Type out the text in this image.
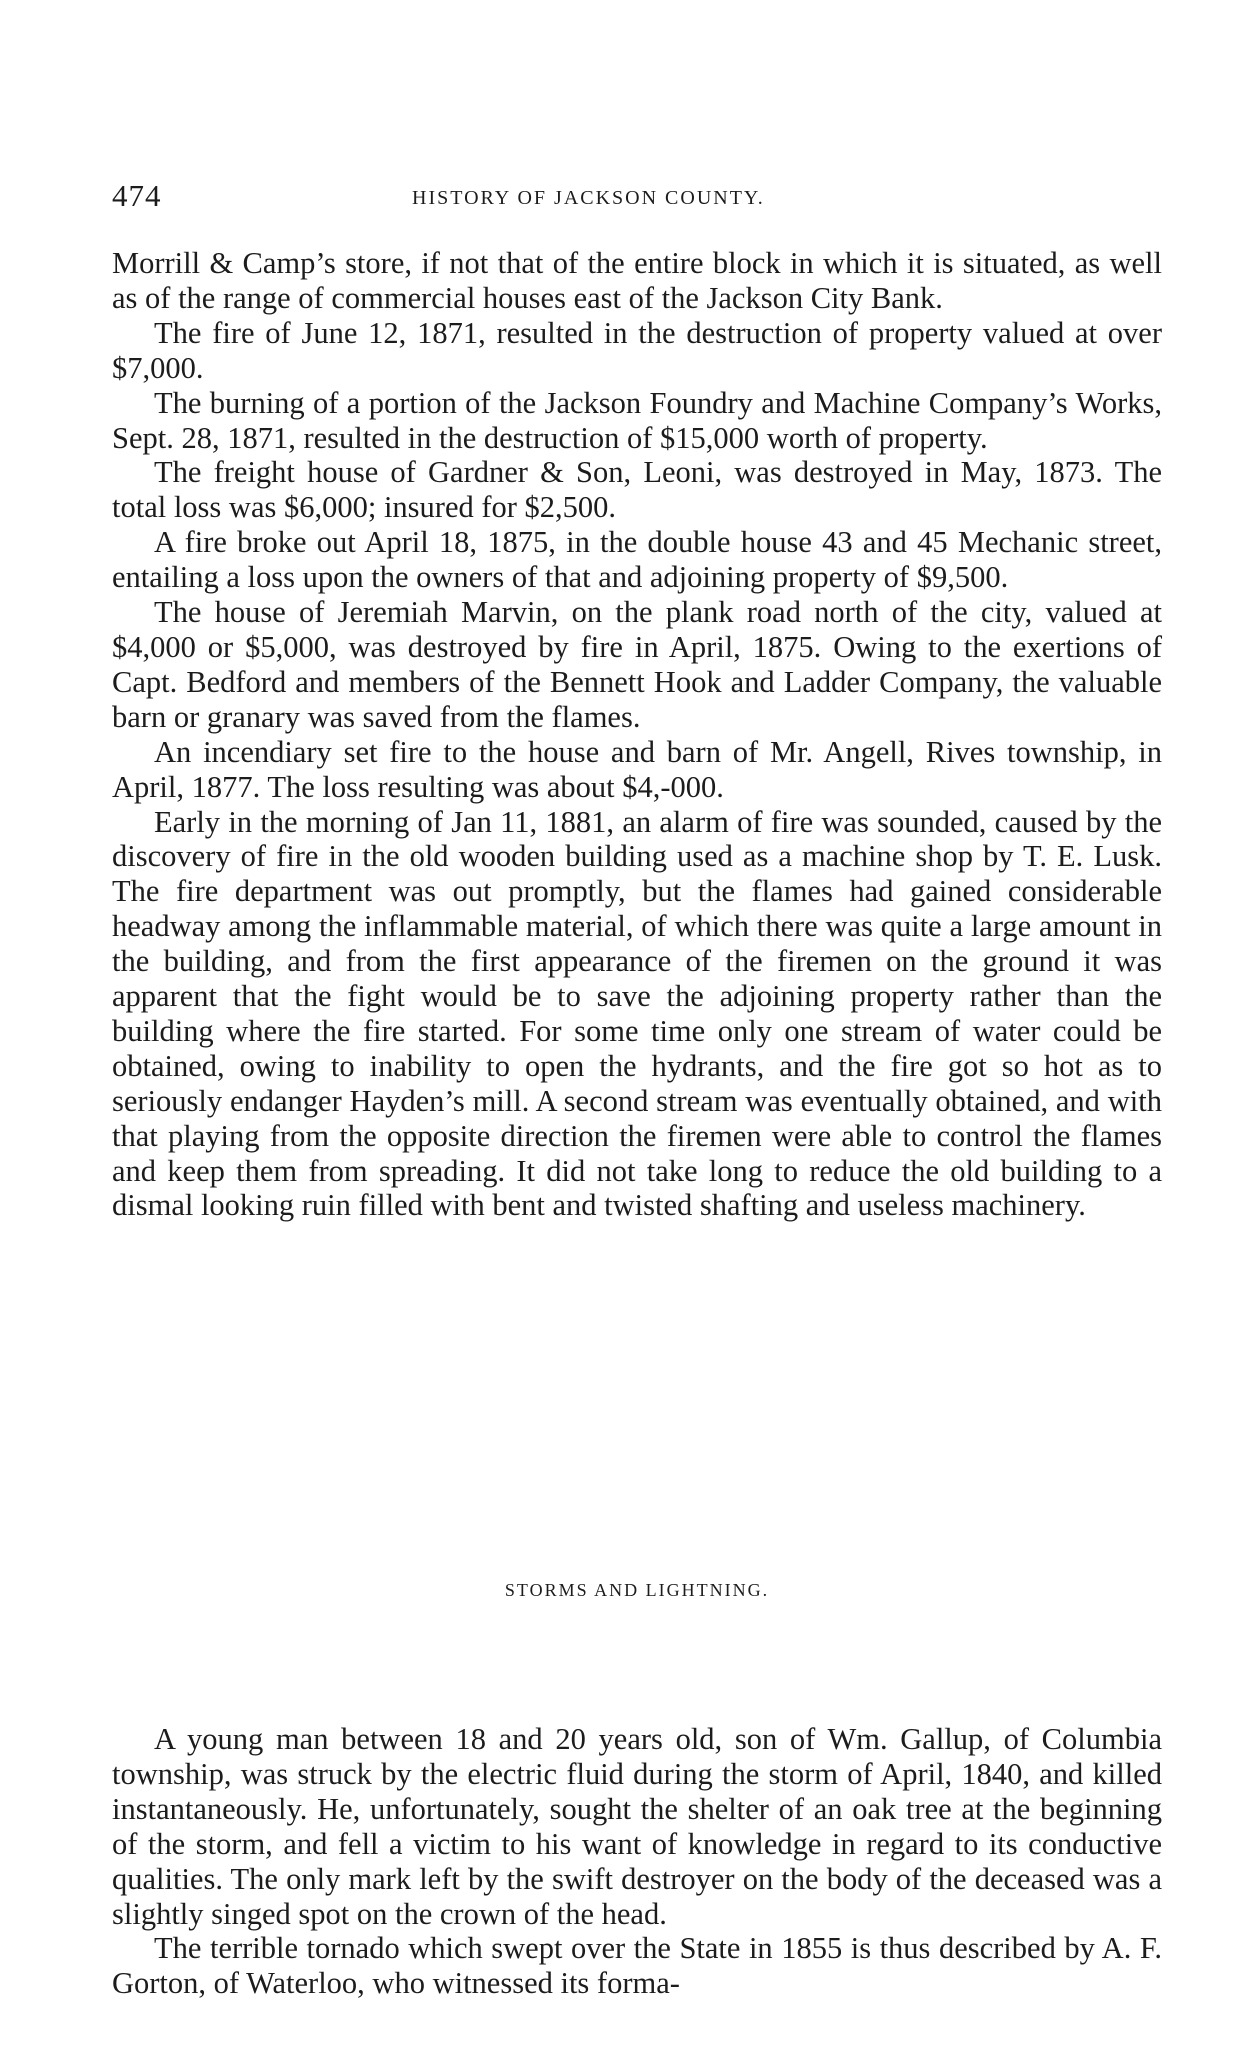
474	HISTORY OF JACKSON COUNTY.

Morrill & Camp’s store, if not that of the entire block in which it is situated, as well as of the range of commercial houses east of the Jackson City Bank.

The fire of June 12, 1871, resulted in the destruction of property valued at over $7,000.

The burning of a portion of the Jackson Foundry and Machine Company’s Works, Sept. 28, 1871, resulted in the destruction of $15,000 worth of property.

The freight house of Gardner & Son, Leoni, was destroyed in May, 1873. The total loss was $6,000; insured for $2,500.

A fire broke out April 18, 1875, in the double house 43 and 45 Mechanic street, entailing a loss upon the owners of that and adjoining property of $9,500.

The house of Jeremiah Marvin, on the plank road north of the city, valued at $4,000 or $5,000, was destroyed by fire in April, 1875. Owing to the exertions of Capt. Bedford and members of the Bennett Hook and Ladder Company, the valuable barn or granary was saved from the flames.

An incendiary set fire to the house and barn of Mr. Angell, Rives township, in April, 1877. The loss resulting was about $4,-000.

Early in the morning of Jan 11, 1881, an alarm of fire was sounded, caused by the discovery of fire in the old wooden building used as a machine shop by T. E. Lusk. The fire department was out promptly, but the flames had gained considerable headway among the inflammable material, of which there was quite a large amount in the building, and from the first appearance of the firemen on the ground it was apparent that the fight would be to save the adjoining property rather than the building where the fire started. For some time only one stream of water could be obtained, owing to inability to open the hydrants, and the fire got so hot as to seriously endanger Hayden’s mill. A second stream was eventually obtained, and with that playing from the opposite direction the firemen were able to control the flames and keep them from spreading. It did not take long to reduce the old building to a dismal looking ruin filled with bent and twisted shafting and useless machinery.

STORMS AND LIGHTNING.

A young man between 18 and 20 years old, son of Wm. Gallup, of Columbia township, was struck by the electric fluid during the storm of April, 1840, and killed instantaneously. He, unfortunately, sought the shelter of an oak tree at the beginning of the storm, and fell a victim to his want of knowledge in regard to its conductive qualities. The only mark left by the swift destroyer on the body of the deceased was a slightly singed spot on the crown of the head.

The terrible tornado which swept over the State in 1855 is thus described by A. F. Gorton, of Waterloo, who witnessed its forma-
